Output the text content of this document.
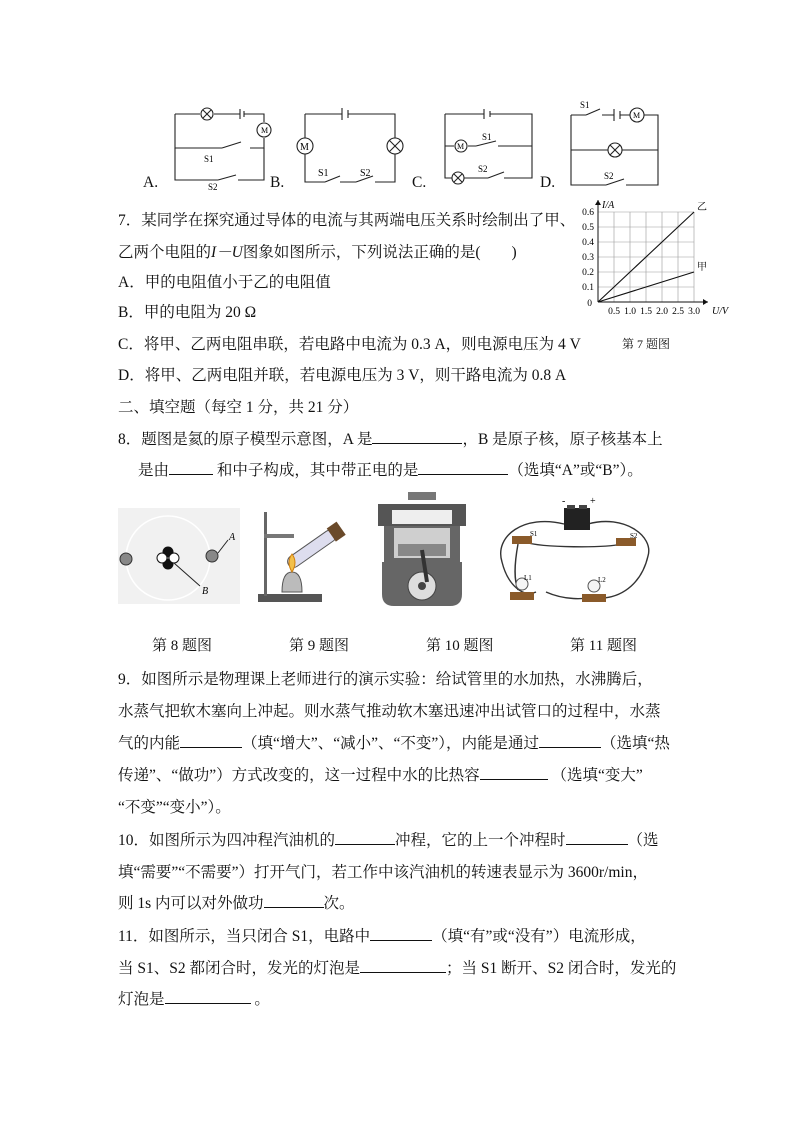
M
S1
S2
A.
M
S1	S2
B.
M
S1
S2
C.
S1
M
S2
D.
7．某同学在探究通过导体的电流与其两端电压关系时绘制出了甲、
乙两个电阻的I－U图象如图所示，下列说法正确的是(　　)
A．甲的电阻值小于乙的电阻值
B．甲的电阻为 20 Ω
C．将甲、乙两电阻串联，若电路中电流为 0.3 A，则电源电压为 4 V	第 7 题图
D．将甲、乙两电阻并联，若电源电压为 3 V，则干路电流为 0.8 A
0.5 1.0 1.5 2.0 2.5 3.0
0.1
0.2
0.3
0.4
0.5
0.6
0
U/V
I/A	乙
甲
二、填空题（每空 1 分，共 21 分）
8．题图是氦的原子模型示意图，A 是	，B 是原子核，原子核基本上
是由	和中子构成，其中带正电的是	（选填“A”或“B”）。
A
B
- +
S1	S2
L1	L2
第 8 题图	第 9 题图	第 10 题图	第 11 题图
9．如图所示是物理课上老师进行的演示实验：给试管里的水加热，水沸腾后，
水蒸气把软木塞向上冲起。则水蒸气推动软木塞迅速冲出试管口的过程中，水蒸
气的内能	（填“增大”、“减小”、“不变”），内能是通过	（选填“热
传递”、“做功”）方式改变的，这一过程中水的比热容	（选填“变大”
“不变”“变小”）。
10．如图所示为四冲程汽油机的	冲程，它的上一个冲程时	（选
填“需要”“不需要”）打开气门，若工作中该汽油机的转速表显示为 3600r/min，
则 1s 内可以对外做功	次。
11．如图所示，当只闭合 S1，电路中	（填“有”或“没有”）电流形成，
当 S1、S2 都闭合时，发光的灯泡是	；当 S1 断开、S2 闭合时，发光的
灯泡是	。
